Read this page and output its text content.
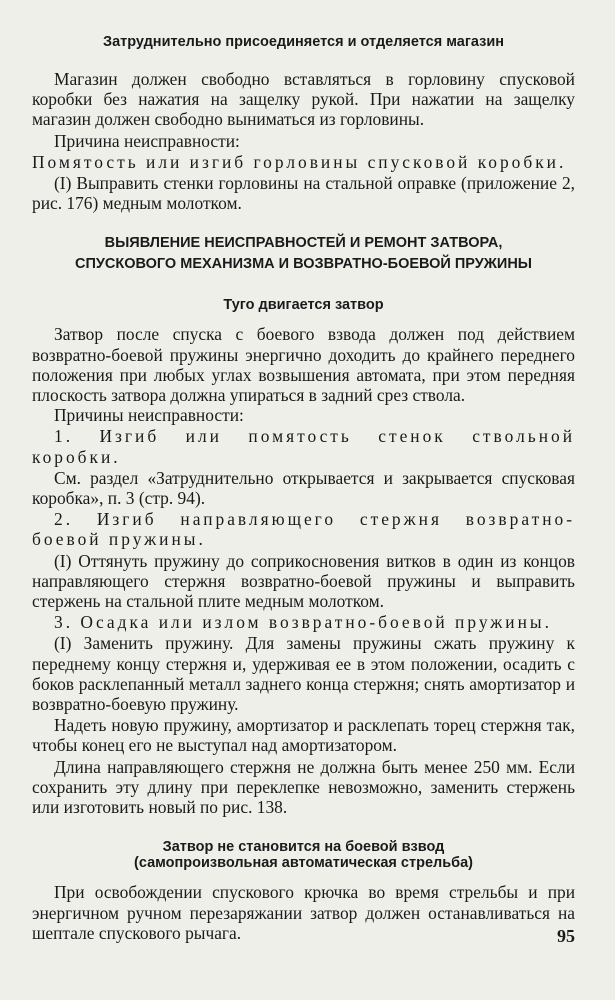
Затруднительно присоединяется и отделяется магазин

Магазин должен свободно вставляться в горловину спусковой коробки без нажатия на защелку рукой. При нажатии на защелку магазин должен свободно выниматься из горловины.

Причина неисправности:

Помятость или изгиб горловины спусковой коробки.

(I) Выправить стенки горловины на стальной оправке (приложение 2, рис. 176) медным молотком.

ВЫЯВЛЕНИЕ НЕИСПРАВНОСТЕЙ И РЕМОНТ ЗАТВОРА,
СПУСКОВОГО МЕХАНИЗМА И ВОЗВРАТНО-БОЕВОЙ ПРУЖИНЫ
Туго двигается затвор

Затвор после спуска с боевого взвода должен под действием возвратно-боевой пружины энергично доходить до крайнего переднего положения при любых углах возвышения автомата, при этом передняя плоскость затвора должна упираться в задний срез ствола.

Причины неисправности:

1. Изгиб или помятость стенок ствольной коробки.

См. раздел «Затруднительно открывается и закрывается спусковая коробка», п. 3 (стр. 94).

2. Изгиб направляющего стержня возвратно-боевой пружины.

(I) Оттянуть пружину до соприкосновения витков в один из концов направляющего стержня возвратно-боевой пружины и выправить стержень на стальной плите медным молотком.

3. Осадка или излом возвратно-боевой пружины.

(I) Заменить пружину. Для замены пружины сжать пружину к переднему концу стержня и, удерживая ее в этом положении, осадить с боков расклепанный металл заднего конца стержня; снять амортизатор и возвратно-боевую пружину.

Надеть новую пружину, амортизатор и расклепать торец стержня так, чтобы конец его не выступал над амортизатором.

Длина направляющего стержня не должна быть менее 250 мм. Если сохранить эту длину при переклепке невозможно, заменить стержень или изготовить новый по рис. 138.

Затвор не становится на боевой взвод
(самопроизвольная автоматическая стрельба)

При освобождении спускового крючка во время стрельбы и при энергичном ручном перезаряжании затвор должен останавливаться на шептале спускового рычага.	95
